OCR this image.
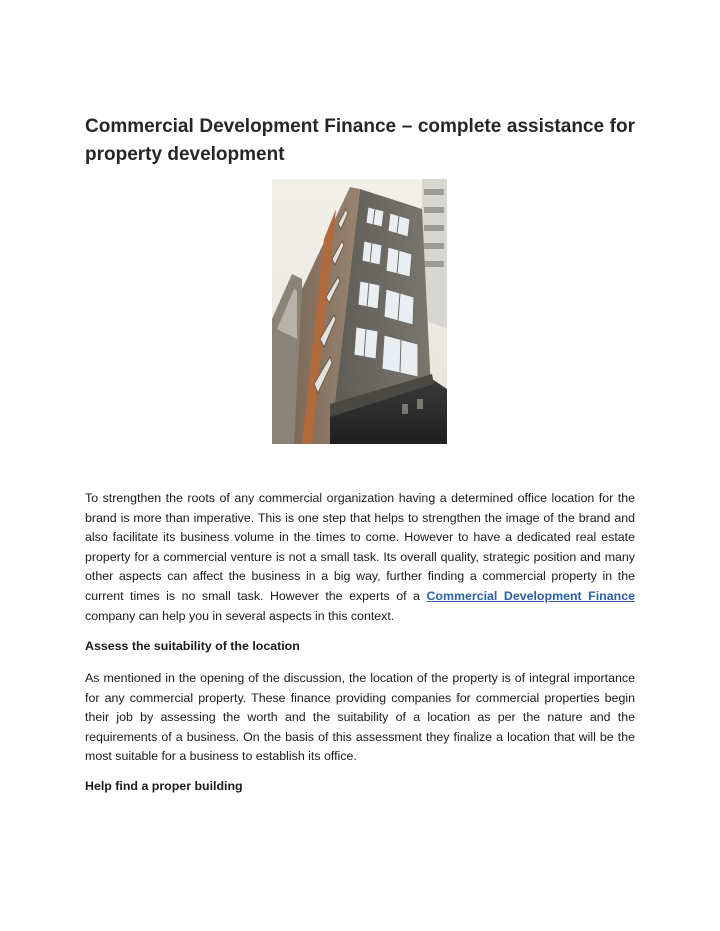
Commercial Development Finance – complete assistance for
property development

To strengthen the roots of any commercial organization having a determined office location for the brand is more than imperative. This is one step that helps to strengthen the image of the brand and also facilitate its business volume in the times to come. However to have a dedicated real estate property for a commercial venture is not a small task. Its overall quality, strategic position and many other aspects can affect the business in a big way, further finding a commercial property in the current times is no small task. However the experts of a Commercial Development Finance company can help you in several aspects in this context.

Assess the suitability of the location

As mentioned in the opening of the discussion, the location of the property is of integral importance for any commercial property. These finance providing companies for commercial properties begin their job by assessing the worth and the suitability of a location as per the nature and the requirements of a business. On the basis of this assessment they finalize a location that will be the most suitable for a business to establish its office.

Help find a proper building
